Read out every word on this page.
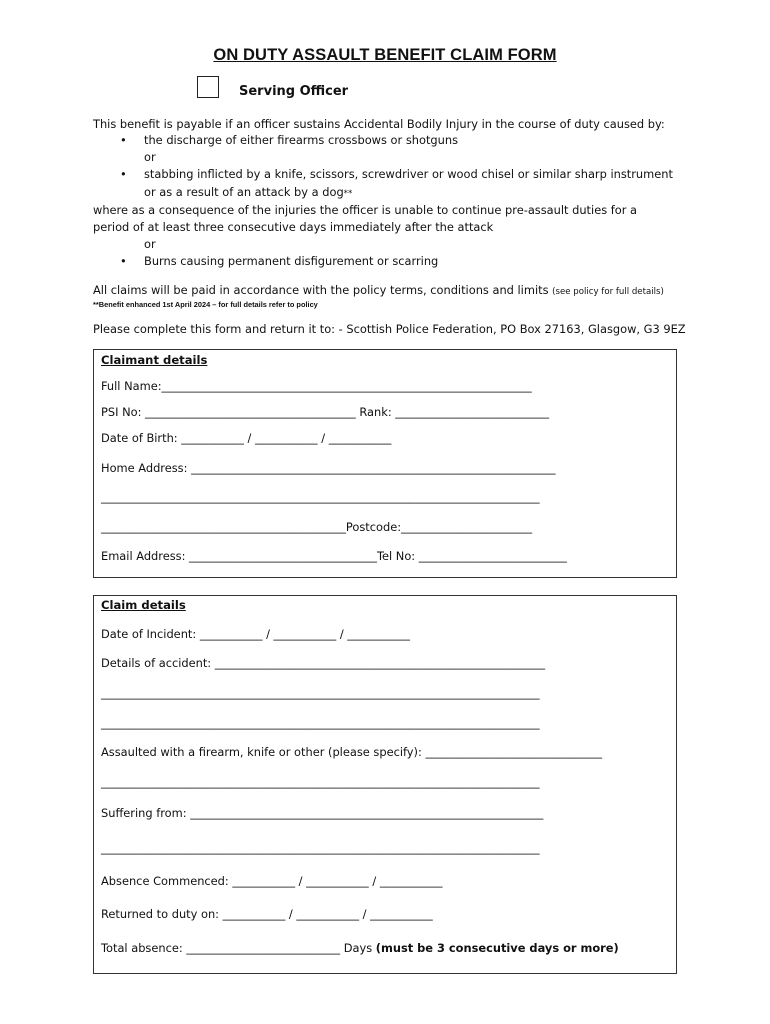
ON DUTY ASSAULT BENEFIT CLAIM FORM
Serving Officer
This benefit is payable if an officer sustains Accidental Bodily Injury in the course of duty caused by:
• the discharge of either firearms crossbows or shotguns
or
• stabbing inflicted by a knife, scissors, screwdriver or wood chisel or similar sharp instrument
or as a result of an attack by a dog**
where as a consequence of the injuries the officer is unable to continue pre-assault duties for a
period of at least three consecutive days immediately after the attack
or
• Burns causing permanent disfigurement or scarring
All claims will be paid in accordance with the policy terms, conditions and limits (see policy for full details)
**Benefit enhanced 1st April 2024 – for full details refer to policy
Please complete this form and return it to: - Scottish Police Federation, PO Box 27163, Glasgow, G3 9EZ
Claimant details
Full Name:_________________________________________________________________
PSI No: _____________________________________ Rank: ___________________________
Date of Birth: ___________ / ___________ / ___________
Home Address: ________________________________________________________________
_____________________________________________________________________________
___________________________________________Postcode:_______________________
Email Address: _________________________________Tel No: __________________________
Claim details
Date of Incident: ___________ / ___________ / ___________
Details of accident: __________________________________________________________
_____________________________________________________________________________
_____________________________________________________________________________
Assaulted with a firearm, knife or other (please specify): _______________________________
_____________________________________________________________________________
Suffering from: ______________________________________________________________
_____________________________________________________________________________
Absence Commenced: ___________ / ___________ / ___________
Returned to duty on: ___________ / ___________ / ___________
Total absence: ___________________________ Days (must be 3 consecutive days or more)
